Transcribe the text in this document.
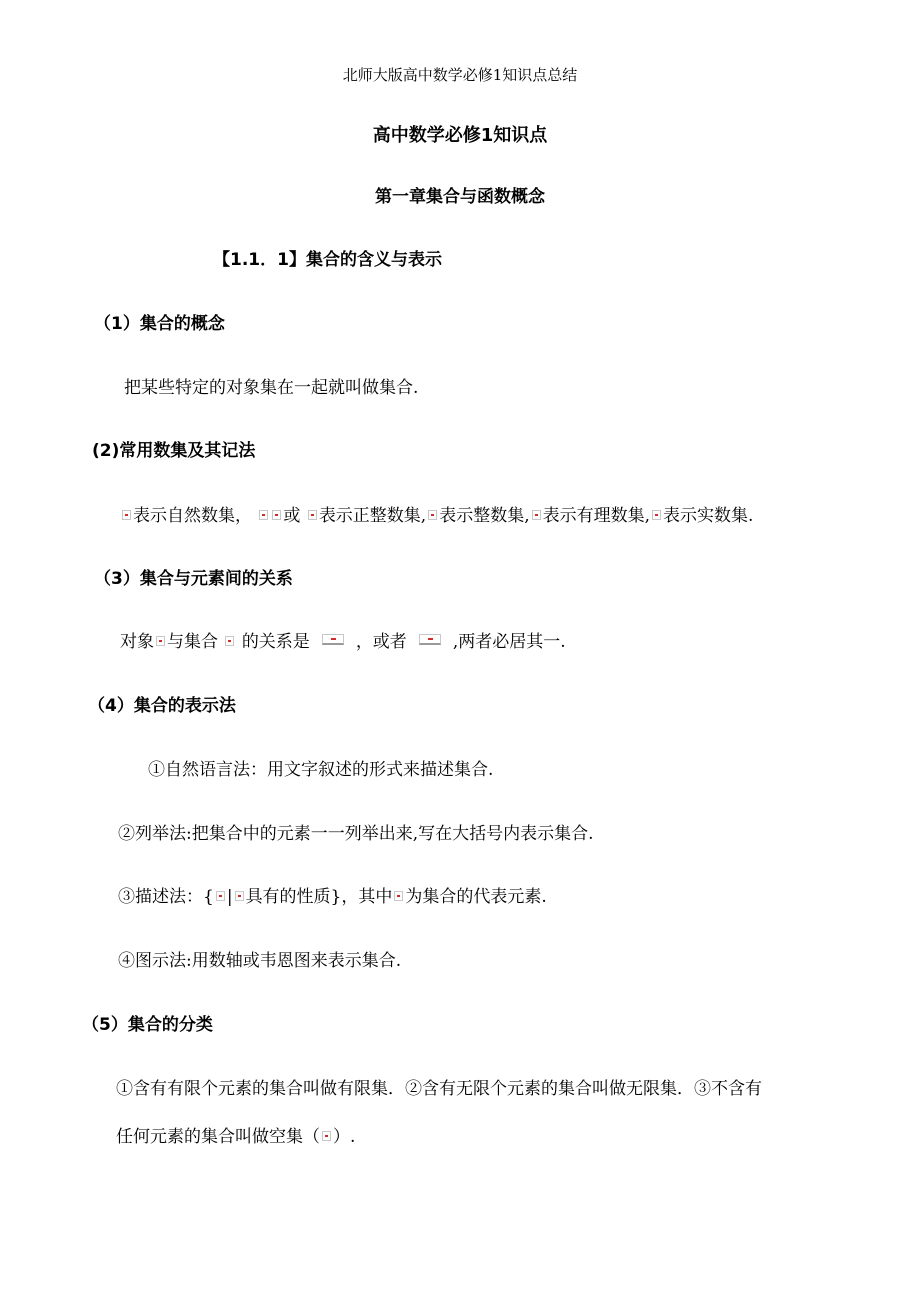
北师大版高中数学必修1知识点总结
高中数学必修1知识点
第一章集合与函数概念
【1.1．1】集合的含义与表示
（1）集合的概念
把某些特定的对象集在一起就叫做集合.
(2)常用数集及其记法
表示自然数集， 或 表示正整数集, 表示整数集, 表示有理数集, 表示实数集.
（3）集合与元素间的关系
对象 与集合 的关系是	，或者	,两者必居其一.
（4）集合的表示法
①自然语言法：用文字叙述的形式来描述集合.
②列举法:把集合中的元素一一列举出来,写在大括号内表示集合.
③描述法：{ | 具有的性质}，其中 为集合的代表元素.
④图示法:用数轴或韦恩图来表示集合.
（5）集合的分类
①含有有限个元素的集合叫做有限集．②含有无限个元素的集合叫做无限集．③不含有
任何元素的集合叫做空集（ ）.
